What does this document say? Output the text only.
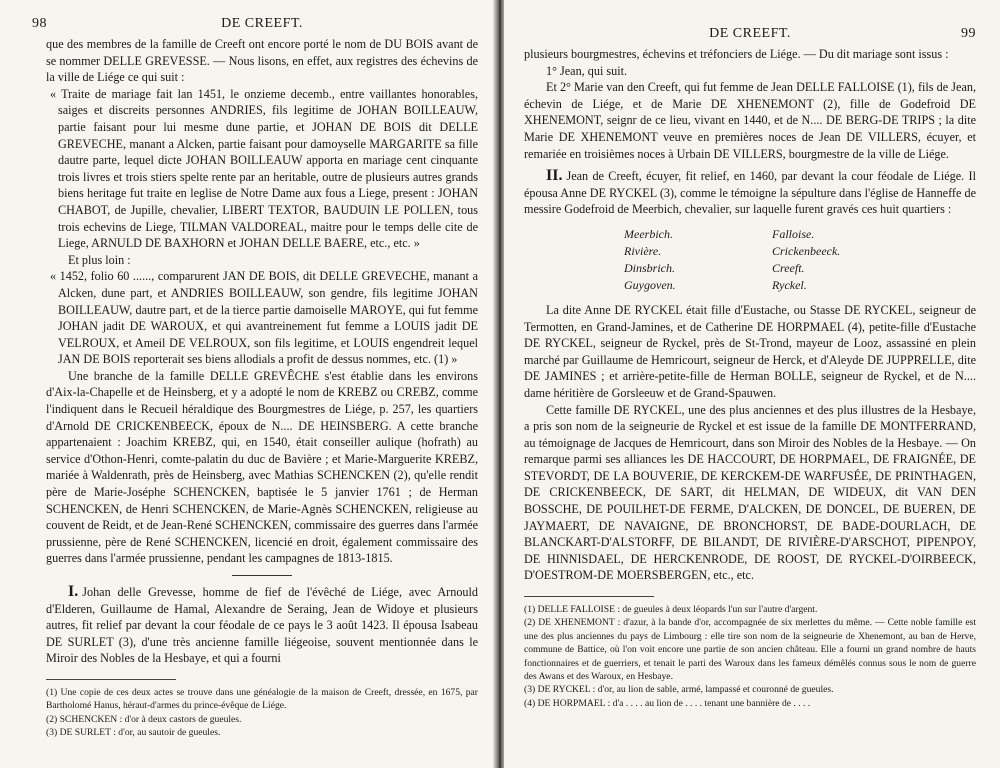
98	DE CREEFT.

que des membres de la famille de Creeft ont encore porté le nom de DU BOIS avant de se nommer DELLE GREVESSE. — Nous lisons, en effet, aux registres des échevins de la ville de Liége ce qui suit :

« Traite de mariage fait lan 1451, le onzieme decemb., entre vaillantes honorables, saiges et discreits personnes ANDRIES, fils legitime de JOHAN BOILLEAUW, partie faisant pour lui mesme dune partie, et JOHAN DE BOIS dit DELLE GREVECHE, manant a Alcken, partie faisant pour damoyselle MARGARITE sa fille dautre parte, lequel dicte JOHAN BOILLEAUW apporta en mariage cent cinquante trois livres et trois stiers spelte rente par an heritable, outre de plusieurs autres grands biens heritage fut traite en leglise de Notre Dame aux fous a Liege, present : JOHAN CHABOT, de Jupille, chevalier, LIBERT TEXTOR, BAUDUIN LE POLLEN, tous trois echevins de Liege, TILMAN VALDOREAL, maitre pour le temps delle cite de Liege, ARNULD DE BAXHORN et JOHAN DELLE BAERE, etc., etc. »

Et plus loin :

« 1452, folio 60 ......, comparurent JAN DE BOIS, dit DELLE GREVECHE, manant a Alcken, dune part, et ANDRIES BOILLEAUW, son gendre, fils legitime JOHAN BOILLEAUW, dautre part, et de la tierce partie damoiselle MAROYE, qui fut femme JOHAN jadit DE WAROUX, et qui avantreinement fut femme a LOUIS jadit DE VELROUX, et Ameil DE VELROUX, son fils legitime, et LOUIS engendreit lequel JAN DE BOIS reporterait ses biens allodials a profit de dessus nommes, etc. (1) »

Une branche de la famille DELLE GREVÊCHE s'est établie dans les environs d'Aix-la-Chapelle et de Heinsberg, et y a adopté le nom de KREBZ ou CREBZ, comme l'indiquent dans le Recueil héraldique des Bourgmestres de Liége, p. 257, les quartiers d'Arnold DE CRICKENBEECK, époux de N.... DE HEINSBERG. A cette branche appartenaient : Joachim KREBZ, qui, en 1540, était conseiller aulique (hofrath) au service d'Othon-Henri, comte-palatin du duc de Bavière ; et Marie-Marguerite KREBZ, mariée à Waldenrath, près de Heinsberg, avec Mathias SCHENCKEN (2), qu'elle rendit père de Marie-Joséphe SCHENCKEN, baptisée le 5 janvier 1761 ; de Herman SCHENCKEN, de Henri SCHENCKEN, de Marie-Agnès SCHENCKEN, religieuse au couvent de Reidt, et de Jean-René SCHENCKEN, commissaire des guerres dans l'armée prussienne, père de René SCHENCKEN, licencié en droit, également commissaire des guerres dans l'armée prussienne, pendant les campagnes de 1813-1815.

I. Johan delle Grevesse, homme de fief de l'évêché de Liége, avec Arnould d'Elderen, Guillaume de Hamal, Alexandre de Seraing, Jean de Widoye et plusieurs autres, fit relief par devant la cour féodale de ce pays le 3 août 1423. Il épousa Isabeau DE SURLET (3), d'une très ancienne famille liégeoise, souvent mentionnée dans le Miroir des Nobles de la Hesbaye, et qui a fourni

(1) Une copie de ces deux actes se trouve dans une généalogie de la maison de Creeft, dressée, en 1675, par Bartholomé Hanus, héraut-d'armes du prince-évêque de Liége.

(2) SCHENCKEN : d'or à deux castors de gueules.

(3) DE SURLET : d'or, au sautoir de gueules.

DE CREEFT.	99

plusieurs bourgmestres, échevins et tréfonciers de Liége. — Du dit mariage sont issus :

1° Jean, qui suit.

Et 2° Marie van den Creeft, qui fut femme de Jean DELLE FALLOISE (1), fils de Jean, échevin de Liége, et de Marie DE XHENEMONT (2), fille de Godefroid DE XHENEMONT, seignr de ce lieu, vivant en 1440, et de N.... DE BERG-DE TRIPS ; la dite Marie DE XHENEMONT veuve en premières noces de Jean DE VILLERS, écuyer, et remariée en troisièmes noces à Urbain DE VILLERS, bourgmestre de la ville de Liége.

II. Jean de Creeft, écuyer, fit relief, en 1460, par devant la cour féodale de Liége. Il épousa Anne DE RYCKEL (3), comme le témoigne la sépulture dans l'église de Hanneffe de messire Godefroid de Meerbich, chevalier, sur laquelle furent gravés ces huit quartiers :

Meerbich.	Falloise.
Rivière.	Crickenbeeck.
Dinsbrich.	Creeft.
Guygoven.	Ryckel.

La dite Anne DE RYCKEL était fille d'Eustache, ou Stasse DE RYCKEL, seigneur de Termotten, en Grand-Jamines, et de Catherine DE HORPMAEL (4), petite-fille d'Eustache DE RYCKEL, seigneur de Ryckel, près de St-Trond, mayeur de Looz, assassiné en plein marché par Guillaume de Hemricourt, seigneur de Herck, et d'Aleyde DE JUPPRELLE, dite DE JAMINES ; et arrière-petite-fille de Herman BOLLE, seigneur de Ryckel, et de N.... dame héritière de Gorsleeuw et de Grand-Spauwen.

Cette famille DE RYCKEL, une des plus anciennes et des plus illustres de la Hesbaye, a pris son nom de la seigneurie de Ryckel et est issue de la famille DE MONTFERRAND, au témoignage de Jacques de Hemricourt, dans son Miroir des Nobles de la Hesbaye. — On remarque parmi ses alliances les DE HACCOURT, DE HORPMAEL, DE FRAIGNÉE, DE STEVORDT, DE LA BOUVERIE, DE KERCKEM-DE WARFUSÉE, DE PRINTHAGEN, DE CRICKENBEECK, DE SART, dit HELMAN, DE WIDEUX, dit VAN DEN BOSSCHE, DE POUILHET-DE FERME, D'ALCKEN, DE DONCEL, DE BUEREN, DE JAYMAERT, DE NAVAIGNE, DE BRONCHORST, DE BADE-DOURLACH, DE BLANCKART-D'ALSTORFF, DE BILANDT, DE RIVIÈRE-D'ARSCHOT, PIPENPOY, DE HINNISDAEL, DE HERCKENRODE, DE ROOST, DE RYCKEL-D'OIRBEECK, D'OESTROM-DE MOERSBERGEN, etc., etc.

(1) DELLE FALLOISE : de gueules à deux léopards l'un sur l'autre d'argent.

(2) DE XHENEMONT : d'azur, à la bande d'or, accompagnée de six merlettes du même. — Cette noble famille est une des plus anciennes du pays de Limbourg : elle tire son nom de la seigneurie de Xhenemont, au ban de Herve, commune de Battice, où l'on voit encore une partie de son ancien château. Elle a fourni un grand nombre de hauts fonctionnaires et de guerriers, et tenait le parti des Waroux dans les fameux démêlés connus sous le nom de guerre des Awans et des Waroux, en Hesbaye.

(3) DE RYCKEL : d'or, au lion de sable, armé, lampassé et couronné de gueules.

(4) DE HORPMAEL : d'a . . . . au lion de . . . . tenant une bannière de . . . .
